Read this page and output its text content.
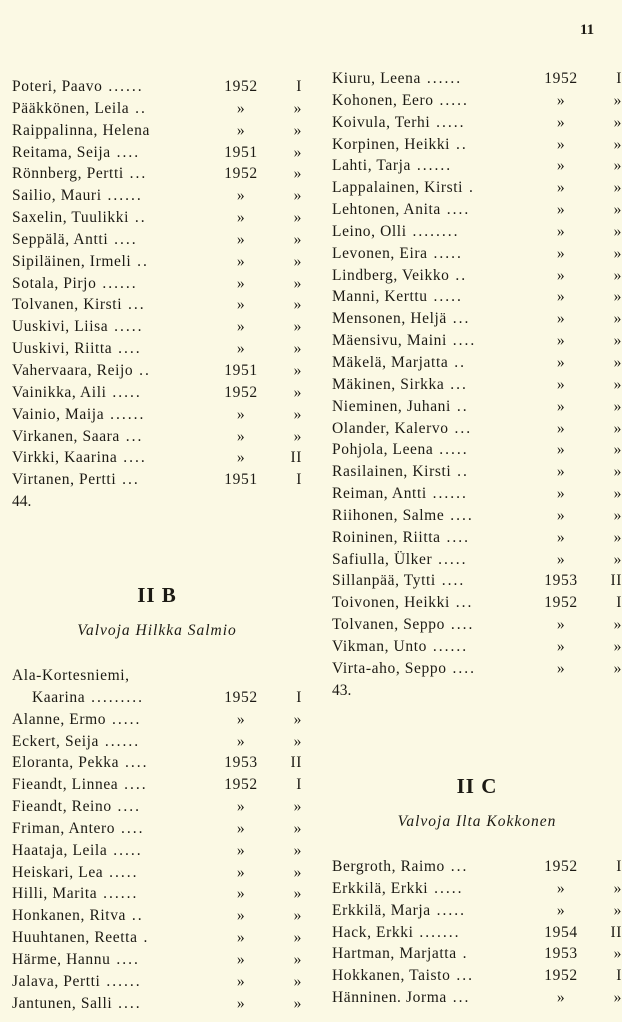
11
Poteri, Paavo ......	1952	I
Pääkkönen, Leila ..	»	»
Raippalinna, Helena	»	»
Reitama, Seija ....	1951	»
Rönnberg, Pertti ...	1952	»
Sailio, Mauri ......	»	»
Saxelin, Tuulikki ..	»	»
Seppälä, Antti ....	»	»
Sipiläinen, Irmeli ..	»	»
Sotala, Pirjo ......	»	»
Tolvanen, Kirsti ...	»	»
Uuskivi, Liisa .....	»	»
Uuskivi, Riitta ....	»	»
Vahervaara, Reijo ..	1951	»
Vainikka, Aili .....	1952	»
Vainio, Maija ......	»	»
Virkanen, Saara ...	»	»
Virkki, Kaarina ....	»	II
Virtanen, Pertti ...	1951	I
44.
II B
Valvoja Hilkka Salmio
Ala-Kortesniemi,
Kaarina .........	1952	I
Alanne, Ermo .....	»	»
Eckert, Seija ......	»	»
Eloranta, Pekka ....	1953	II
Fieandt, Linnea ....	1952	I
Fieandt, Reino ....	»	»
Friman, Antero ....	»	»
Haataja, Leila .....	»	»
Heiskari, Lea .....	»	»
Hilli, Marita ......	»	»
Honkanen, Ritva ..	»	»
Huuhtanen, Reetta .	»	»
Härme, Hannu ....	»	»
Jalava, Pertti ......	»	»
Jantunen, Salli ....	»	»
Kiuru, Leena ......	1952	I
Kohonen, Eero .....	»	»
Koivula, Terhi .....	»	»
Korpinen, Heikki ..	»	»
Lahti, Tarja ......	»	»
Lappalainen, Kirsti .	»	»
Lehtonen, Anita ....	»	»
Leino, Olli ........	»	»
Levonen, Eira .....	»	»
Lindberg, Veikko ..	»	»
Manni, Kerttu .....	»	»
Mensonen, Heljä ...	»	»
Mäensivu, Maini ....	»	»
Mäkelä, Marjatta ..	»	»
Mäkinen, Sirkka ...	»	»
Nieminen, Juhani ..	»	»
Olander, Kalervo ...	»	»
Pohjola, Leena .....	»	»
Rasilainen, Kirsti ..	»	»
Reiman, Antti ......	»	»
Riihonen, Salme ....	»	»
Roininen, Riitta ....	»	»
Safiulla, Ülker .....	»	»
Sillanpää, Tytti ....	1953	II
Toivonen, Heikki ...	1952	I
Tolvanen, Seppo ....	»	»
Vikman, Unto ......	»	»
Virta-aho, Seppo ....	»	»
43.
II C
Valvoja Ilta Kokkonen
Bergroth, Raimo ...	1952	I
Erkkilä, Erkki .....	»	»
Erkkilä, Marja .....	»	»
Hack, Erkki .......	1954	II
Hartman, Marjatta .	1953	»
Hokkanen, Taisto ...	1952	I
Hänninen. Jorma ...	»	»
